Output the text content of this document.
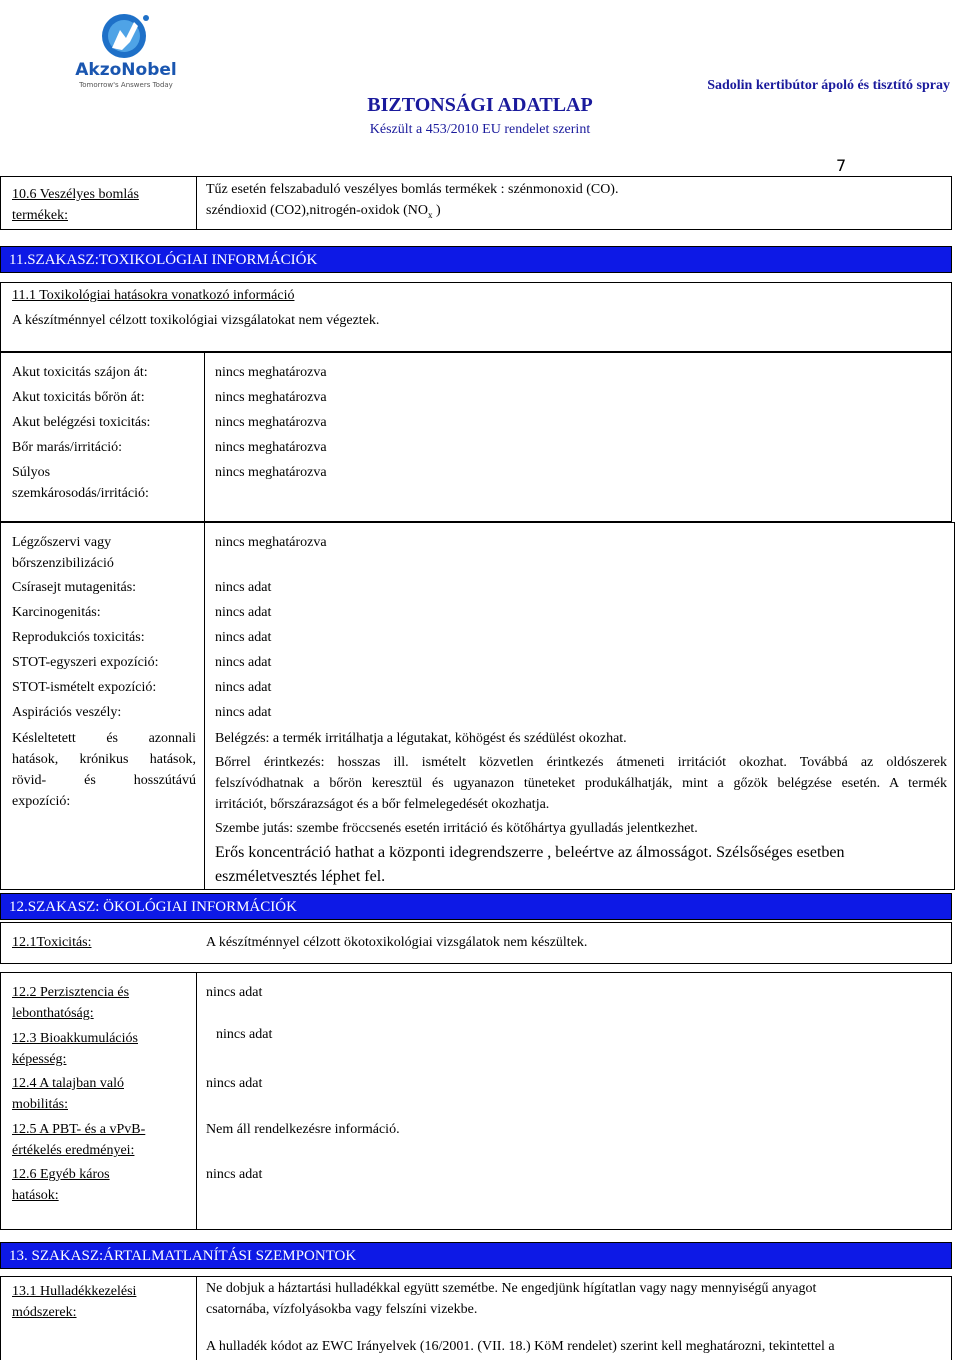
AkzoNobel
Tomorrow's Answers Today
BIZTONSÁGI ADATLAP
Készült a 453/2010 EU rendelet szerint
Sadolin kertibútor ápoló és tisztító spray
7
10.6 Veszélyes bomlás termékek:
Tűz esetén felszabaduló veszélyes bomlás termékek : szénmonoxid (CO).
széndioxid (CO2),nitrogén-oxidok ($NO_x$ )
11.SZAKASZ:TOXIKOLÓGIAI INFORMÁCIÓK
11.1 Toxikológiai hatásokra vonatkozó információ
A készítménnyel célzott toxikológiai vizsgálatokat nem végeztek.
Akut toxicitás szájon át:	nincs meghatározva
Akut toxicitás bőrön át:	nincs meghatározva
Akut belégzési toxicitás:	nincs meghatározva
Bőr marás/irritáció:	nincs meghatározva
Súlyos
szemkárosodás/irritáció:
nincs meghatározva
Légzőszervi vagy
bőrszenzibilizáció
nincs meghatározva
Csírasejt mutagenitás:	nincs adat
Karcinogenitás:	nincs adat
Reprodukciós toxicitás:	nincs adat
STOT-egyszeri expozíció:	nincs adat
STOT-ismételt expozíció:	nincs adat
Aspirációs veszély:	nincs adat
Késleltetett és azonnali
hatások, krónikus hatások,
rövid- és hosszútávú
expozíció:
Belégzés: a termék irritálhatja a légutakat, köhögést és szédülést okozhat.
Bőrrel érintkezés: hosszas ill. ismételt közvetlen érintkezés átmeneti irritációt okozhat. Továbbá az oldószerek
felszívódhatnak a bőrön keresztül és ugyanazon tüneteket produkálhatják, mint a gőzök belégzése esetén. A termék
irritációt, bőrszárazságot és a bőr felmelegedését okozhatja.
Szembe jutás: szembe fröccsenés esetén irritáció és kötőhártya gyulladás jelentkezhet.
Erős koncentráció hathat a központi idegrendszerre , beleértve az álmosságot. Szélsőséges esetben
eszméletvesztés léphet fel.
12.SZAKASZ: ÖKOLÓGIAI INFORMÁCIÓK
12.1Toxicitás:	A készítménnyel célzott ökotoxikológiai vizsgálatok nem készültek.
12.2 Perzisztencia és
lebonthatóság:
nincs adat
12.3 Bioakkumulációs
képesség:
nincs adat
12.4 A talajban való
mobilitás:
nincs adat
12.5 A PBT- és a vPvB-
értékelés eredményei:
Nem áll rendelkezésre információ.
12.6 Egyéb káros
hatások:
nincs adat
13. SZAKASZ:ÁRTALMATLANÍTÁSI SZEMPONTOK
13.1 Hulladékkezelési
módszerek:
Ne dobjuk a háztartási hulladékkal együtt szemétbe. Ne engedjünk hígítatlan vagy nagy mennyiségű anyagot
csatornába, vízfolyásokba vagy felszíni vizekbe.
A hulladék kódot az EWC Irányelvek (16/2001. (VII. 18.) KöM rendelet) szerint kell meghatározni, tekintettel a
